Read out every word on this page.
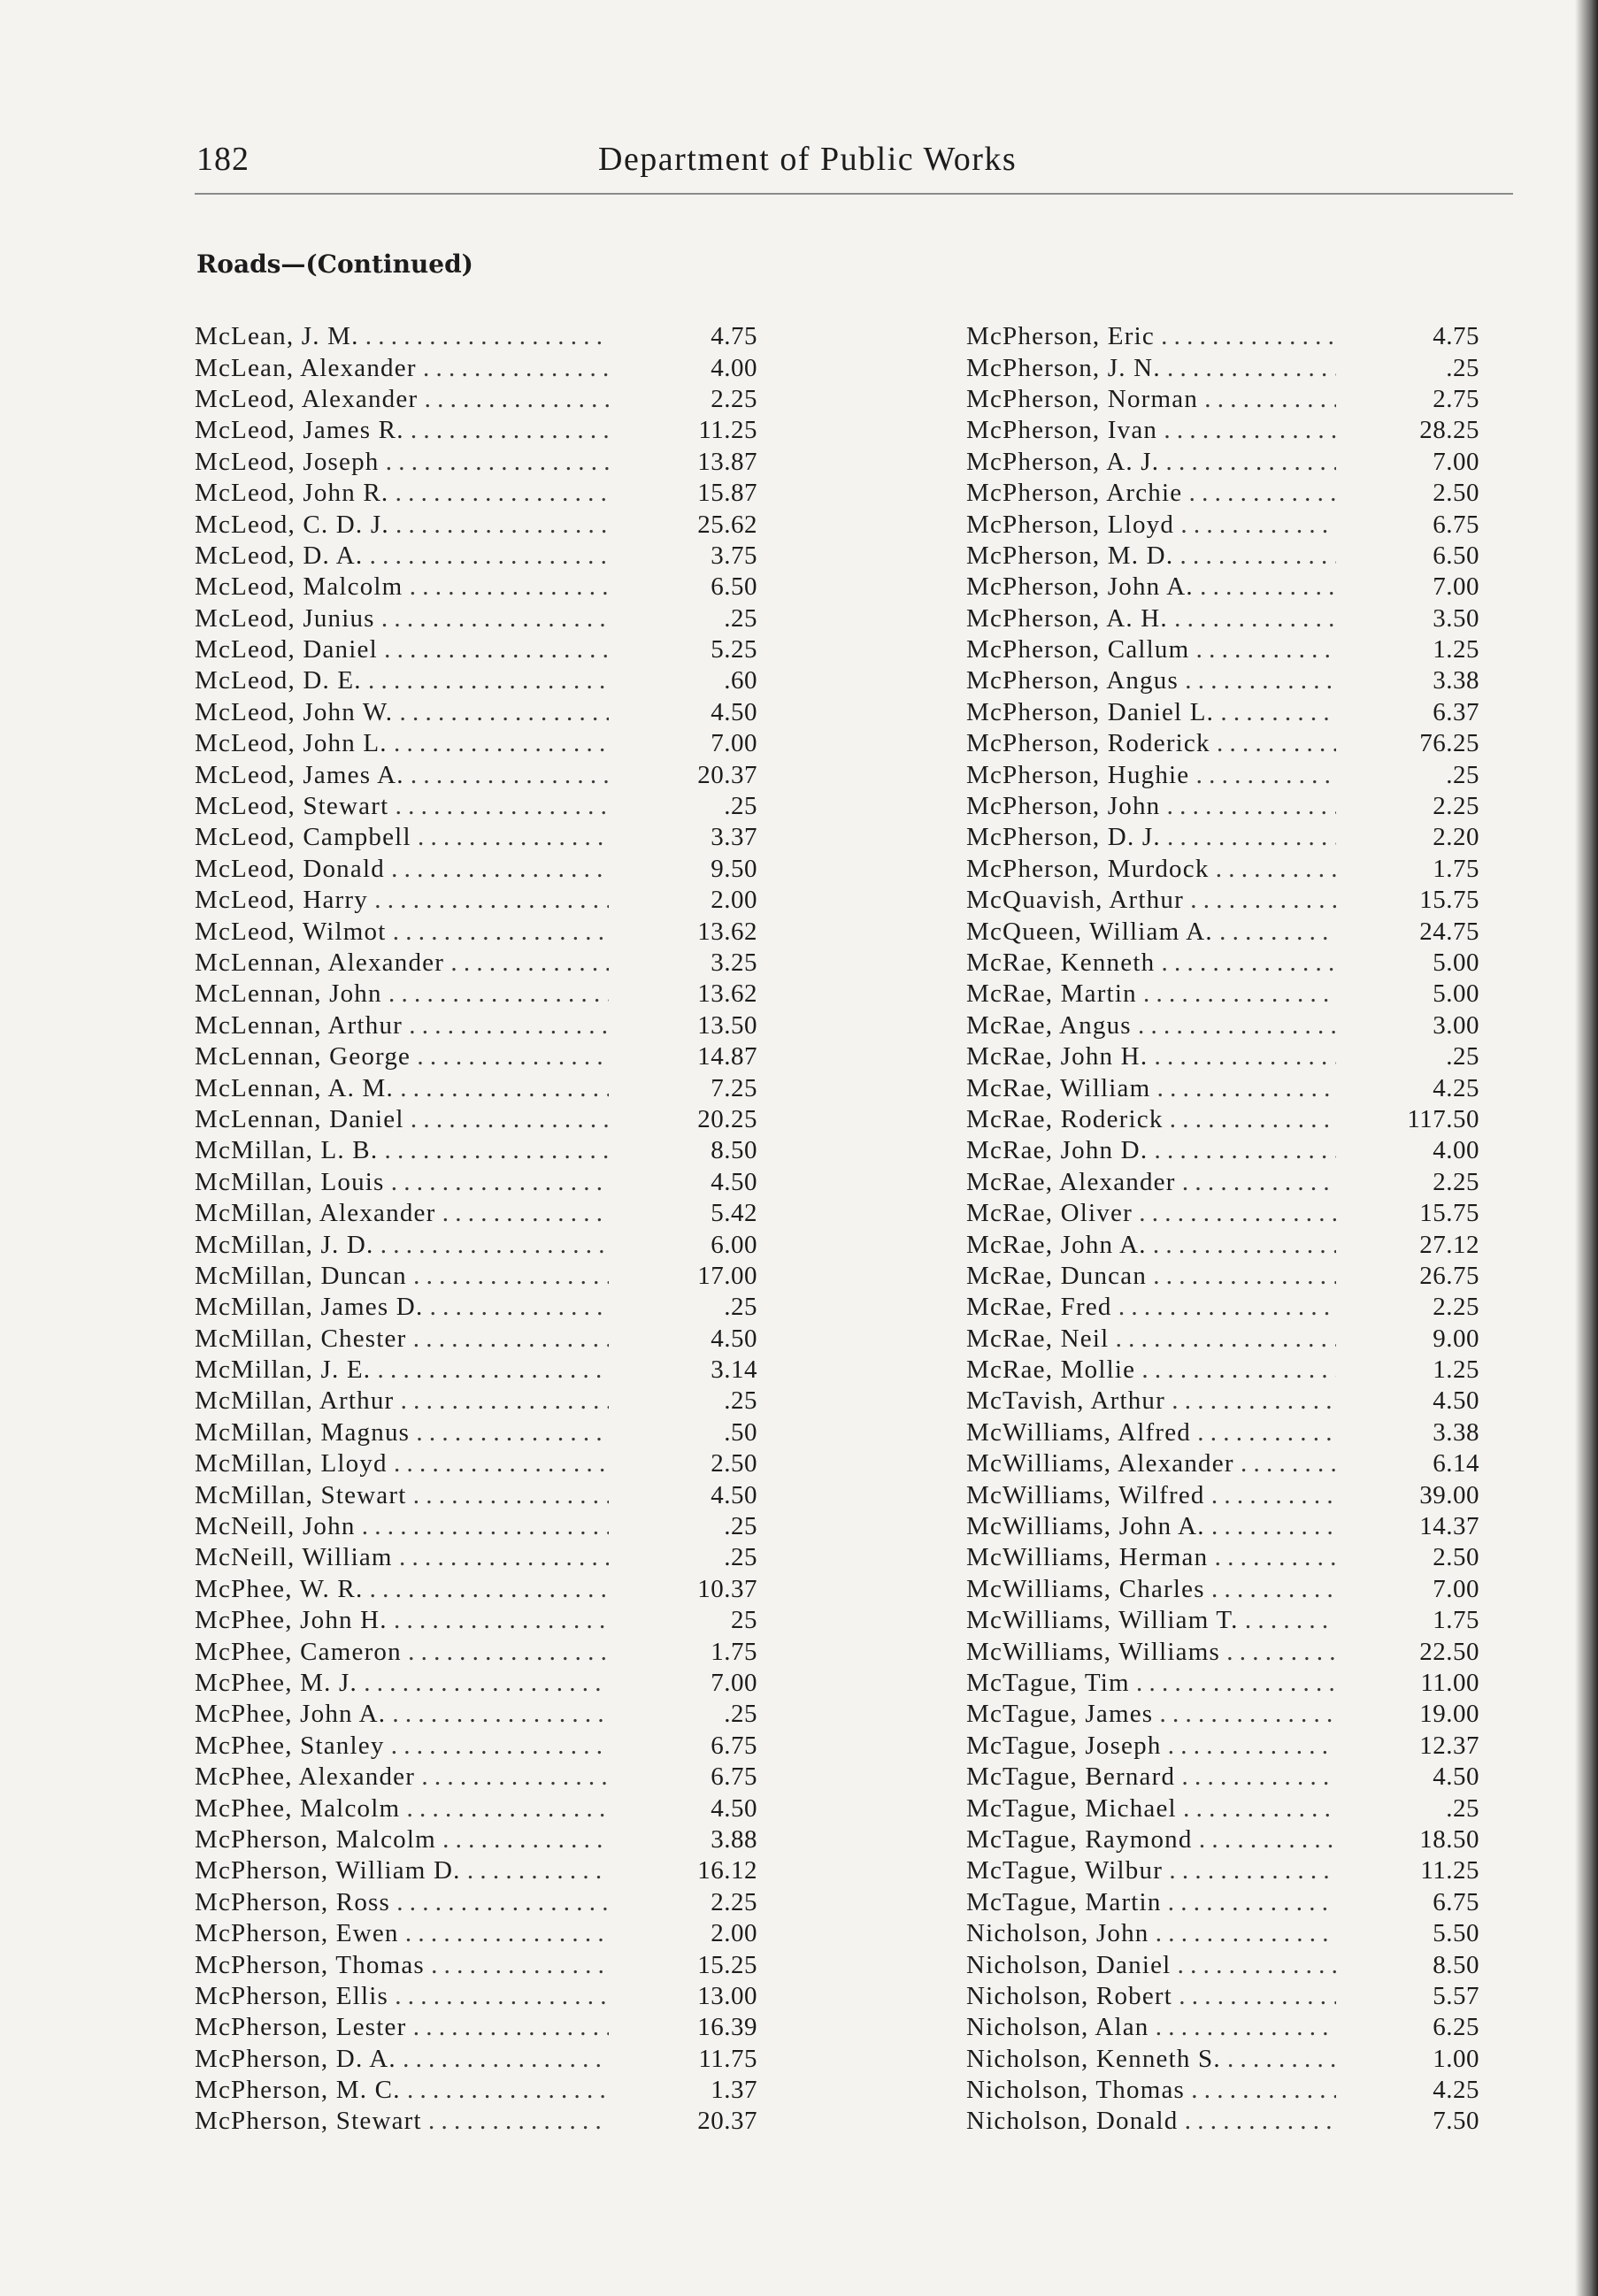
182	Department of Public Works
Roads—(Continued)
McLean, J. M. . . .	4.75
McLean, Alexander . . .	4.00
McLeod, Alexander . . .	2.25
McLeod, James R. . . .	11.25
McLeod, Joseph . . .	13.87
McLeod, John R. . . .	15.87
McLeod, C. D. J. . . .	25.62
McLeod, D. A. . . .	3.75
McLeod, Malcolm . . .	6.50
McLeod, Junius . . .	.25
McLeod, Daniel . . .	5.25
McLeod, D. E. . . .	.60
McLeod, John W. . . .	4.50
McLeod, John L. . . .	7.00
McLeod, James A. . . .	20.37
McLeod, Stewart . . .	.25
McLeod, Campbell . . .	3.37
McLeod, Donald . . .	9.50
McLeod, Harry . . .	2.00
McLeod, Wilmot . . .	13.62
McLennan, Alexander . . .	3.25
McLennan, John . . .	13.62
McLennan, Arthur . . .	13.50
McLennan, George . . .	14.87
McLennan, A. M. . . .	7.25
McLennan, Daniel . . .	20.25
McMillan, L. B. . . .	8.50
McMillan, Louis . . .	4.50
McMillan, Alexander . . .	5.42
McMillan, J. D. . . .	6.00
McMillan, Duncan . . .	17.00
McMillan, James D. . . .	.25
McMillan, Chester . . .	4.50
McMillan, J. E. . . .	3.14
McMillan, Arthur . . .	.25
McMillan, Magnus . . .	.50
McMillan, Lloyd . . .	2.50
McMillan, Stewart . . .	4.50
McNeill, John . . .	.25
McNeill, William . . .	.25
McPhee, W. R. . . .	10.37
McPhee, John H. . . .	25
McPhee, Cameron . . .	1.75
McPhee, M. J. . . .	7.00
McPhee, John A. . . .	.25
McPhee, Stanley . . .	6.75
McPhee, Alexander . . .	6.75
McPhee, Malcolm . . .	4.50
McPherson, Malcolm . . .	3.88
McPherson, William D. . . .	16.12
McPherson, Ross . . .	2.25
McPherson, Ewen . . .	2.00
McPherson, Thomas . . .	15.25
McPherson, Ellis . . .	13.00
McPherson, Lester . . .	16.39
McPherson, D. A. . . .	11.75
McPherson, M. C. . . .	1.37
McPherson, Stewart . . .	20.37
McPherson, Eric . . .	4.75
McPherson, J. N. . . .	.25
McPherson, Norman . . .	2.75
McPherson, Ivan . . .	28.25
McPherson, A. J. . . .	7.00
McPherson, Archie . . .	2.50
McPherson, Lloyd . . .	6.75
McPherson, M. D. . . .	6.50
McPherson, John A. . . .	7.00
McPherson, A. H. . . .	3.50
McPherson, Callum . . .	1.25
McPherson, Angus . . .	3.38
McPherson, Daniel L. . . .	6.37
McPherson, Roderick . . .	76.25
McPherson, Hughie . . .	.25
McPherson, John . . .	2.25
McPherson, D. J. . . .	2.20
McPherson, Murdock . . .	1.75
McQuavish, Arthur . . .	15.75
McQueen, William A. . . .	24.75
McRae, Kenneth . . .	5.00
McRae, Martin . . .	5.00
McRae, Angus . . .	3.00
McRae, John H. . . .	.25
McRae, William . . .	4.25
McRae, Roderick . . .	117.50
McRae, John D. . . .	4.00
McRae, Alexander . . .	2.25
McRae, Oliver . . .	15.75
McRae, John A. . . .	27.12
McRae, Duncan . . .	26.75
McRae, Fred . . .	2.25
McRae, Neil . . .	9.00
McRae, Mollie . . .	1.25
McTavish, Arthur . . .	4.50
McWilliams, Alfred . . .	3.38
McWilliams, Alexander . . .	6.14
McWilliams, Wilfred . . .	39.00
McWilliams, John A. . . .	14.37
McWilliams, Herman . . .	2.50
McWilliams, Charles . . .	7.00
McWilliams, William T. . . .	1.75
McWilliams, Williams . . .	22.50
McTague, Tim . . .	11.00
McTague, James . . .	19.00
McTague, Joseph . . .	12.37
McTague, Bernard . . .	4.50
McTague, Michael . . .	.25
McTague, Raymond . . .	18.50
McTague, Wilbur . . .	11.25
McTague, Martin . . .	6.75
Nicholson, John . . .	5.50
Nicholson, Daniel . . .	8.50
Nicholson, Robert . . .	5.57
Nicholson, Alan . . .	6.25
Nicholson, Kenneth S. . . .	1.00
Nicholson, Thomas . . .	4.25
Nicholson, Donald . . .	7.50
